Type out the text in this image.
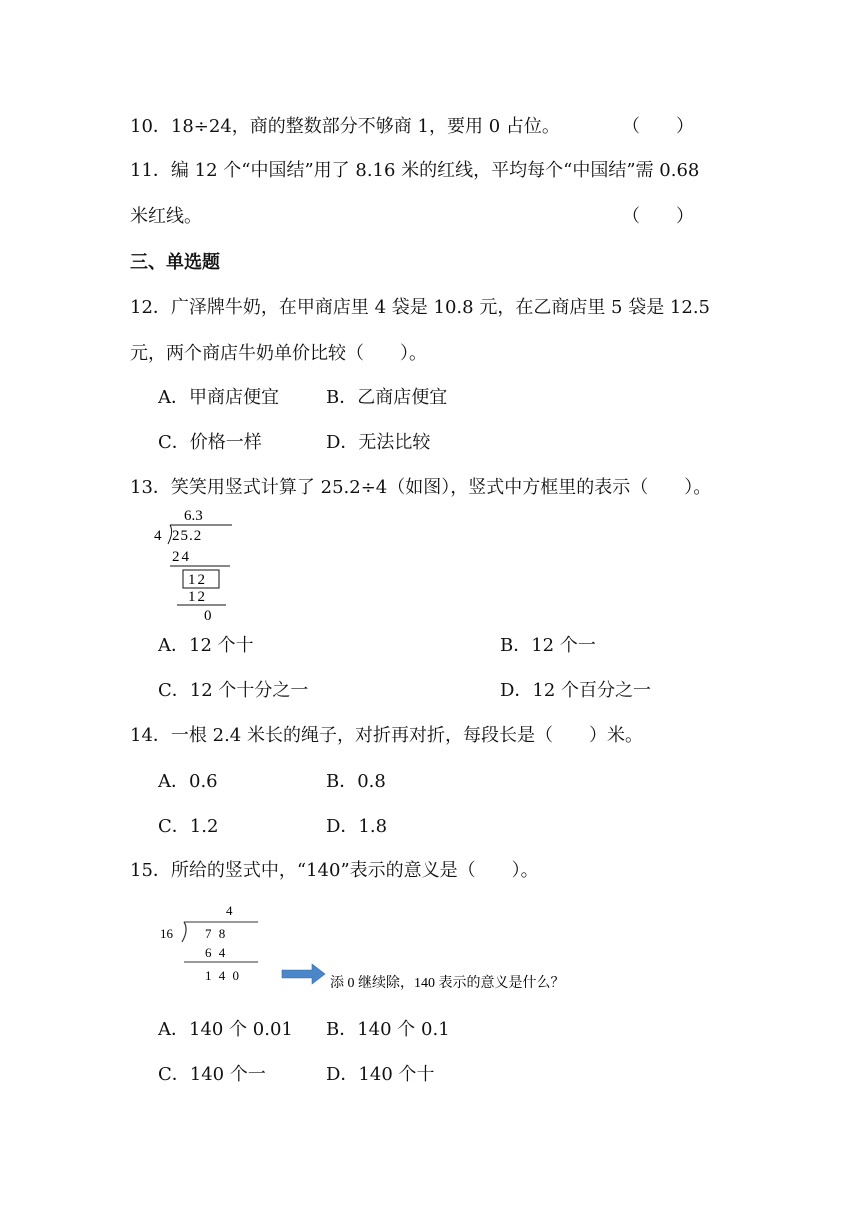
10．18÷24，商的整数部分不够商 1，要用 0 占位。	（　　）
11．编 12 个“中国结”用了 8.16 米的红线，平均每个“中国结”需 0.68
米红线。	（　　）
三、单选题
12．广泽牌牛奶，在甲商店里 4 袋是 10.8 元，在乙商店里 5 袋是 12.5
元，两个商店牛奶单价比较（　　）。
A．甲商店便宜	B．乙商店便宜
C．价格一样	D．无法比较
13．笑笑用竖式计算了 25.2÷4（如图），竖式中方框里的表示（　　）。
6.3
4 25.2
24
12
12
0
A．12 个十	B．12 个一
C．12 个十分之一	D．12 个百分之一
14．一根 2.4 米长的绳子，对折再对折，每段长是（　　）米。
A．0.6	B．0.8
C．1.2	D．1.8
15．所给的竖式中，“140”表示的意义是（　　）。
4
16 7 8
6 4
1 4 0
添 0 继续除，140 表示的意义是什么？
A．140 个 0.01 B．140 个 0.1
C．140 个一	D．140 个十
